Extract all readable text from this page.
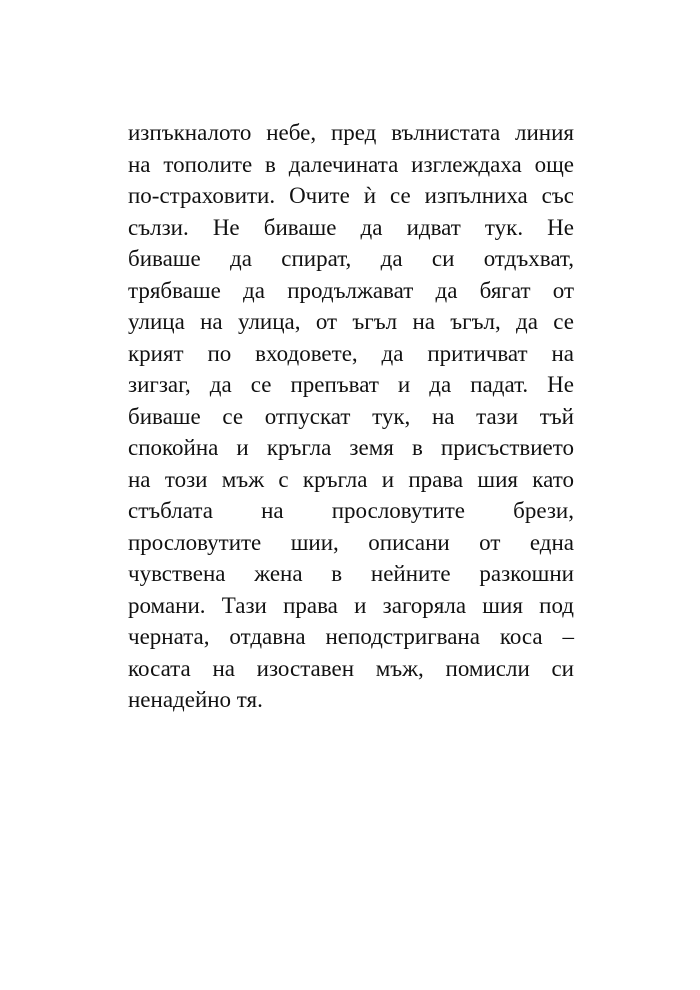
изпъкналото небе, пред вълнистата линия
на тополите в далечината изглеждаха още
по-страховити. Очите ѝ се изпълниха със
сълзи. Не биваше да идват тук. Не
биваше да спират, да си отдъхват,
трябваше да продължават да бягат от
улица на улица, от ъгъл на ъгъл, да се
крият по входовете, да притичват на
зигзаг, да се препъват и да падат. Не
биваше се отпускат тук, на тази тъй
спокойна и кръгла земя в присъствието
на този мъж с кръгла и права шия като
стъблата на прословутите брези,
прословутите шии, описани от една
чувствена жена в нейните разкошни
романи. Тази права и загоряла шия под
черната, отдавна неподстригвана коса –
косата на изоставен мъж, помисли си
ненадейно тя.
